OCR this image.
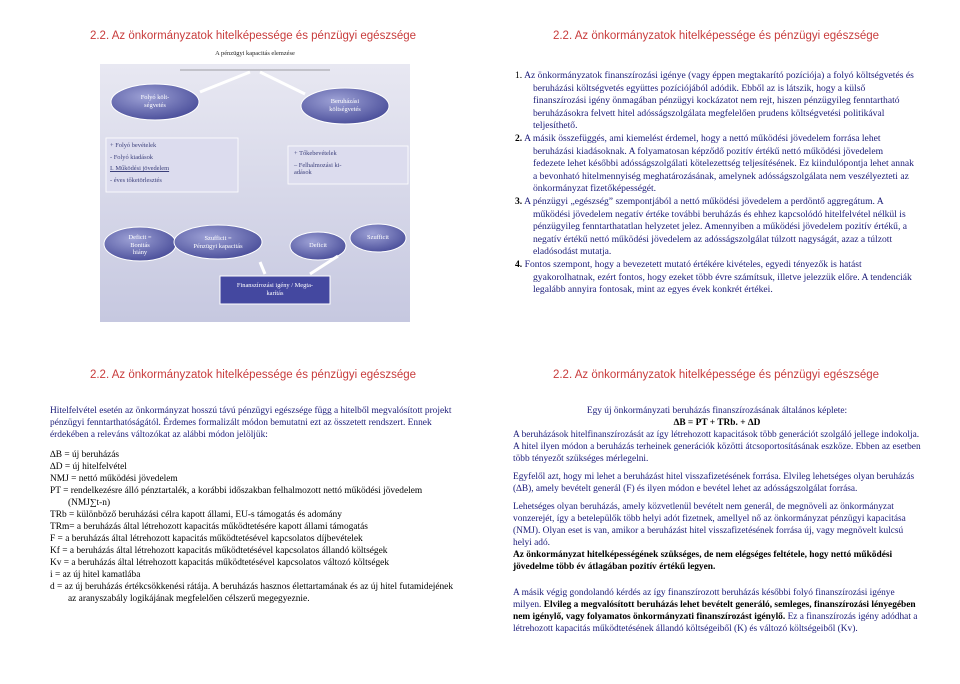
2.2. Az önkormányzatok hitelképessége és pénzügyi egészsége
A pénzügyi kapacitás elemzése
Folyó költ-
ségvetés
Beruházási
költségvetés
+ Folyó bevételek
- Folyó kiadások
I. Működési jövedelem
- éves tőketörlesztés
+ Tőkebevételek
– Felhalmozási ki-
adások
Deficit =
Bonitás
hiány
Szufficit =
Pénzügyi kapacitás	Deficit
Szufficit
Finanszírozási igény / Megta-
karítás
2.2. Az önkormányzatok hitelképessége és pénzügyi egészsége

1. Az önkormányzatok finanszírozási igénye (vagy éppen megtakarító pozíciója) a folyó költségvetés és beruházási költségvetés együttes pozíciójából adódik. Ebből az is látszik, hogy a külső finanszírozási igény önmagában pénzügyi kockázatot nem rejt, hiszen pénzügyileg fenntartható beruházásokra felvett hitel adósságszolgálata megfelelően prudens költségvetési politikával teljesíthető.

2. A másik összefüggés, ami kiemelést érdemel, hogy a nettó működési jövedelem forrása lehet beruházási kiadásoknak. A folyamatosan képződő pozitív értékű nettó működési jövedelem fedezete lehet későbbi adósságszolgálati kötelezettség teljesítésének. Ez kiindulópontja lehet annak a bevonható hitelmennyiség meghatározásának, amelynek adósságszolgálata nem veszélyezteti az önkormányzat fizetőképességét.

3. A pénzügyi „egészség” szempontjából a nettó működési jövedelem a perdöntő aggregátum. A működési jövedelem negatív értéke további beruházás és ehhez kapcsolódó hitelfelvétel nélkül is pénzügyileg fenntarthatatlan helyzetet jelez. Amennyiben a működési jövedelem pozitív értékű, a negatív értékű nettó működési jövedelem az adósságszolgálat túlzott nagyságát, azaz a túlzott eladósodást mutatja.

4. Fontos szempont, hogy a bevezetett mutató értékére kivételes, egyedi tényezők is hatást gyakorolhatnak, ezért fontos, hogy ezeket több évre számítsuk, illetve jelezzük előre. A tendenciák legalább annyira fontosak, mint az egyes évek konkrét értékei.

2.2. Az önkormányzatok hitelképessége és pénzügyi egészsége

Hitelfelvétel esetén az önkormányzat hosszú távú pénzügyi egészsége függ a hitelből megvalósított projekt pénzügyi fenntarthatóságától. Érdemes formalizált módon bemutatni ezt az összetett rendszert. Ennek érdekében a releváns változókat az alábbi módon jelöljük:

∆B = új beruházás

∆D = új hitelfelvétel

NMJ = nettó működési jövedelem

PT = rendelkezésre álló pénztartalék, a korábbi időszakban felhalmozott nettó működési jövedelem (NMJ∑t-n)

TRb = különböző beruházási célra kapott állami, EU-s támogatás és adomány

TRm= a beruházás által létrehozott kapacitás működtetésére kapott állami támogatás

F = a beruházás által létrehozott kapacitás működtetésével kapcsolatos díjbevételek

Kf = a beruházás által létrehozott kapacitás működtetésével kapcsolatos állandó költségek

Kv = a beruházás által létrehozott kapacitás működtetésével kapcsolatos változó költségek

i = az új hitel kamatlába

d = az új beruházás értékcsökkenési rátája. A beruházás hasznos élettartamának és az új hitel futamidejének az aranyszabály logikájának megfelelően célszerű megegyeznie.

2.2. Az önkormányzatok hitelképessége és pénzügyi egészsége

Egy új önkormányzati beruházás finanszírozásának általános képlete:

∆B = PT + TRb. + ∆D

A beruházások hitelfinanszírozását az így létrehozott kapacitások több generációt szolgáló jellege indokolja. A hitel ilyen módon a beruházás terheinek generációk közötti átcsoportosításának eszköze. Ebben az esetben több tényezőt szükséges mérlegelni.

Egyfelől azt, hogy mi lehet a beruházást hitel visszafizetésének forrása. Elvileg lehetséges olyan beruházás (∆B), amely bevételt generál (F) és ilyen módon e bevétel lehet az adósságszolgálat forrása.

Lehetséges olyan beruházás, amely közvetlenül bevételt nem generál, de megnöveli az önkormányzat vonzerejét, így a betelepülők több helyi adót fizetnek, amellyel nő az önkormányzat pénzügyi kapacitása (NMJ). Olyan eset is van, amikor a beruházást hitel visszafizetésének forrása új, vagy megnövelt kulcsú helyi adó.

Az önkormányzat hitelképességének szükséges, de nem elégséges feltétele, hogy nettó működési jövedelme több év átlagában pozitív értékű legyen.

A másik végig gondolandó kérdés az így finanszírozott beruházás későbbi folyó finanszírozási igénye milyen. Elvileg a megvalósított beruházás lehet bevételt generáló, semleges, finanszírozási lényegében nem igénylő, vagy folyamatos önkormányzati finanszírozást igénylő. Ez a finanszírozás igény adódhat a létrehozott kapacitás működtetésének állandó költségeiből (K) és változó költségeiből (Kv).
